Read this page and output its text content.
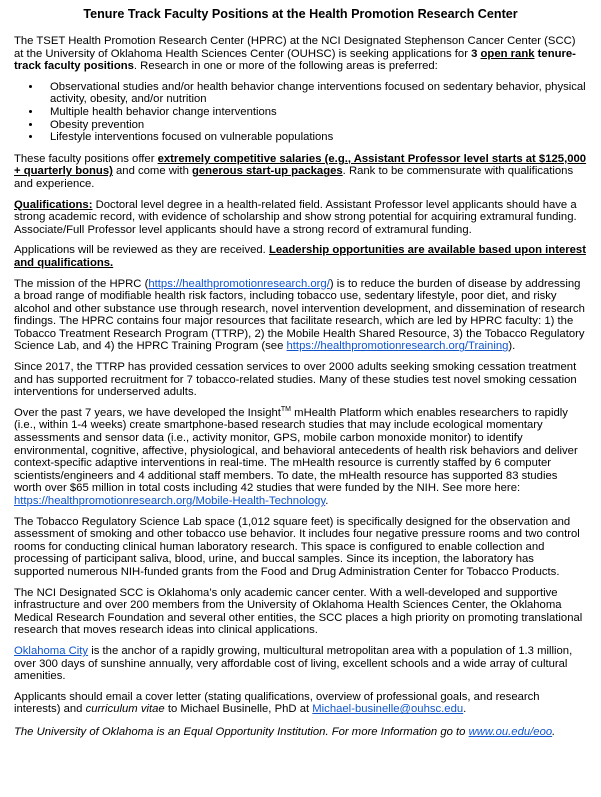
Tenure Track Faculty Positions at the Health Promotion Research Center

The TSET Health Promotion Research Center (HPRC) at the NCI Designated Stephenson Cancer Center (SCC) at the University of Oklahoma Health Sciences Center (OUHSC) is seeking applications for 3 open rank tenure-track faculty positions. Research in one or more of the following areas is preferred:

• Observational studies and/or health behavior change interventions focused on sedentary behavior, physical activity, obesity, and/or nutrition
• Multiple health behavior change interventions
• Obesity prevention
• Lifestyle interventions focused on vulnerable populations

These faculty positions offer extremely competitive salaries (e.g., Assistant Professor level starts at $125,000 + quarterly bonus) and come with generous start-up packages. Rank to be commensurate with qualifications and experience.

Qualifications: Doctoral level degree in a health-related field. Assistant Professor level applicants should have a strong academic record, with evidence of scholarship and show strong potential for acquiring extramural funding. Associate/Full Professor level applicants should have a strong record of extramural funding.

Applications will be reviewed as they are received. Leadership opportunities are available based upon interest and qualifications.

The mission of the HPRC (https://healthpromotionresearch.org/) is to reduce the burden of disease by addressing a broad range of modifiable health risk factors, including tobacco use, sedentary lifestyle, poor diet, and risky alcohol and other substance use through research, novel intervention development, and dissemination of research findings. The HPRC contains four major resources that facilitate research, which are led by HPRC faculty: 1) the Tobacco Treatment Research Program (TTRP), 2) the Mobile Health Shared Resource, 3) the Tobacco Regulatory Science Lab, and 4) the HPRC Training Program (see https://healthpromotionresearch.org/Training).

Since 2017, the TTRP has provided cessation services to over 2000 adults seeking smoking cessation treatment and has supported recruitment for 7 tobacco-related studies. Many of these studies test novel smoking cessation interventions for underserved adults.

Over the past 7 years, we have developed the Insight™ mHealth Platform which enables researchers to rapidly (i.e., within 1-4 weeks) create smartphone-based research studies that may include ecological momentary assessments and sensor data (i.e., activity monitor, GPS, mobile carbon monoxide monitor) to identify environmental, cognitive, affective, physiological, and behavioral antecedents of health risk behaviors and deliver context-specific adaptive interventions in real-time. The mHealth resource is currently staffed by 6 computer scientists/engineers and 4 additional staff members. To date, the mHealth resource has supported 83 studies worth over $65 million in total costs including 42 studies that were funded by the NIH. See more here: https://healthpromotionresearch.org/Mobile-Health-Technology.

The Tobacco Regulatory Science Lab space (1,012 square feet) is specifically designed for the observation and assessment of smoking and other tobacco use behavior. It includes four negative pressure rooms and two control rooms for conducting clinical human laboratory research. This space is configured to enable collection and processing of participant saliva, blood, urine, and buccal samples. Since its inception, the laboratory has supported numerous NIH-funded grants from the Food and Drug Administration Center for Tobacco Products.

The NCI Designated SCC is Oklahoma’s only academic cancer center. With a well-developed and supportive infrastructure and over 200 members from the University of Oklahoma Health Sciences Center, the Oklahoma Medical Research Foundation and several other entities, the SCC places a high priority on promoting translational research that moves research ideas into clinical applications.

Oklahoma City is the anchor of a rapidly growing, multicultural metropolitan area with a population of 1.3 million, over 300 days of sunshine annually, very affordable cost of living, excellent schools and a wide array of cultural amenities.

Applicants should email a cover letter (stating qualifications, overview of professional goals, and research interests) and curriculum vitae to Michael Businelle, PhD at Michael-businelle@ouhsc.edu.

The University of Oklahoma is an Equal Opportunity Institution. For more Information go to www.ou.edu/eoo.
